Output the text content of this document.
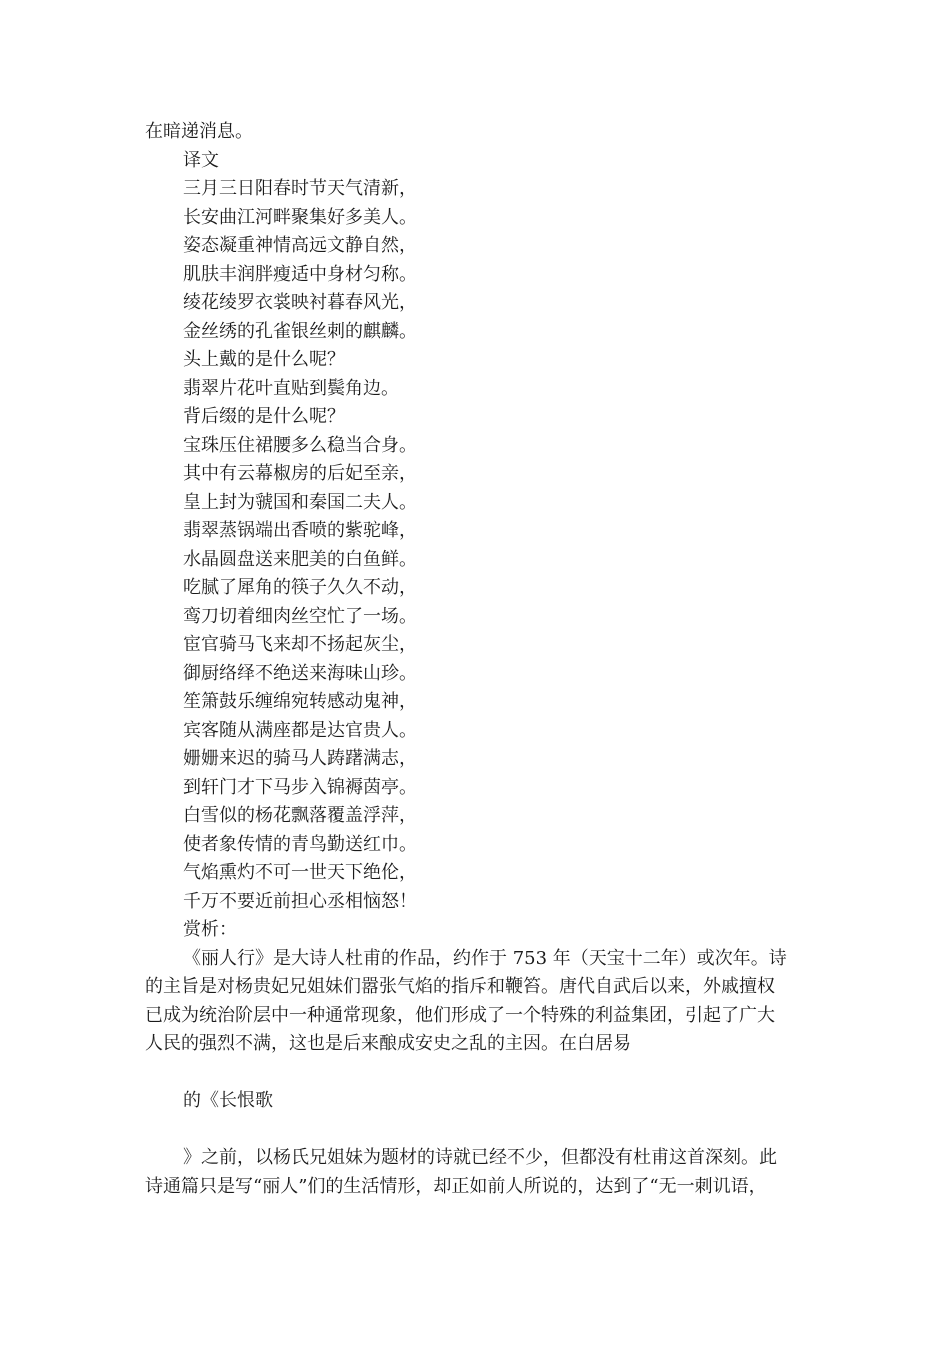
在暗递消息。
译文
三月三日阳春时节天气清新，
长安曲江河畔聚集好多美人。
姿态凝重神情高远文静自然，
肌肤丰润胖瘦适中身材匀称。
绫花绫罗衣裳映衬暮春风光，
金丝绣的孔雀银丝刺的麒麟。
头上戴的是什么呢？
翡翠片花叶直贴到鬓角边。
背后缀的是什么呢？
宝珠压住裙腰多么稳当合身。
其中有云幕椒房的后妃至亲，
皇上封为虢国和秦国二夫人。
翡翠蒸锅端出香喷的紫驼峰，
水晶圆盘送来肥美的白鱼鲜。
吃腻了犀角的筷子久久不动，
鸾刀切着细肉丝空忙了一场。
宦官骑马飞来却不扬起灰尘，
御厨络绎不绝送来海味山珍。
笙箫鼓乐缠绵宛转感动鬼神，
宾客随从满座都是达官贵人。
姗姗来迟的骑马人踌躇满志，
到轩门才下马步入锦褥茵亭。
白雪似的杨花飘落覆盖浮萍，
使者象传情的青鸟勤送红巾。
气焰熏灼不可一世天下绝伦，
千万不要近前担心丞相恼怒！
赏析：
《丽人行》是大诗人杜甫的作品，约作于 753 年（天宝十二年）或次年。诗
的主旨是对杨贵妃兄姐妹们嚣张气焰的指斥和鞭笞。唐代自武后以来，外戚擅权
已成为统治阶层中一种通常现象，他们形成了一个特殊的利益集团，引起了广大
人民的强烈不满，这也是后来酿成安史之乱的主因。在白居易
的《长恨歌
》之前，以杨氏兄姐妹为题材的诗就已经不少，但都没有杜甫这首深刻。此
诗通篇只是写“丽人”们的生活情形，却正如前人所说的，达到了“无一刺讥语，
